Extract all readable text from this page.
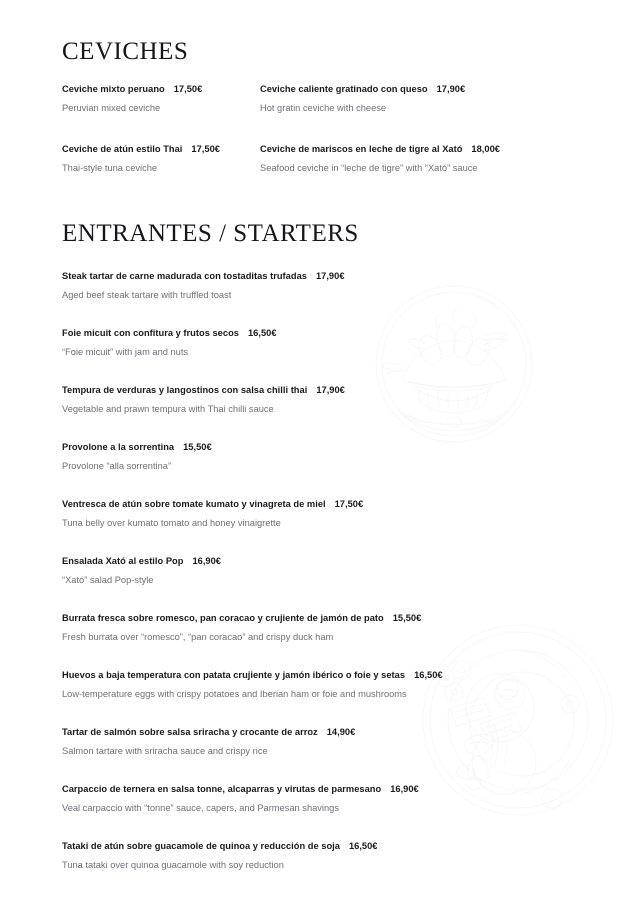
CEVICHES
Ceviche mixto peruano 17,50€
Peruvian mixed ceviche
Ceviche caliente gratinado con queso 17,90€
Hot gratin ceviche with cheese
Ceviche de atún estilo Thai 17,50€
Thai-style tuna ceviche
Ceviche de mariscos en leche de tigre al Xató 18,00€
Seafood ceviche in “leche de tigre” with “Xató” sauce
ENTRANTES / STARTERS
Steak tartar de carne madurada con tostaditas trufadas 17,90€
Aged beef steak tartare with truffled toast
Foie micuit con confitura y frutos secos 16,50€
“Foie micuit” with jam and nuts
Tempura de verduras y langostinos con salsa chilli thai 17,90€
Vegetable and prawn tempura with Thai chilli sauce
Provolone a la sorrentina 15,50€
Provolone “alla sorrentina”
Ventresca de atún sobre tomate kumato y vinagreta de miel 17,50€
Tuna belly over kumato tomato and honey vinaigrette
Ensalada Xató al estilo Pop 16,90€
“Xató” salad Pop-style
Burrata fresca sobre romesco, pan coracao y crujiente de jamón de pato 15,50€
Fresh burrata over “romesco”, “pan coracao” and crispy duck ham
Huevos a baja temperatura con patata crujiente y jamón ibérico o foie y setas 16,50€
Low-temperature eggs with crispy potatoes and Iberian ham or foie and mushrooms
Tartar de salmón sobre salsa sriracha y crocante de arroz 14,90€
Salmon tartare with sriracha sauce and crispy rice
Carpaccio de ternera en salsa tonne, alcaparras y virutas de parmesano 16,90€
Veal carpaccio with “tonne” sauce, capers, and Parmesan shavings
Tataki de atún sobre guacamole de quinoa y reducción de soja 16,50€
Tuna tataki over quinoa guacamole with soy reduction
